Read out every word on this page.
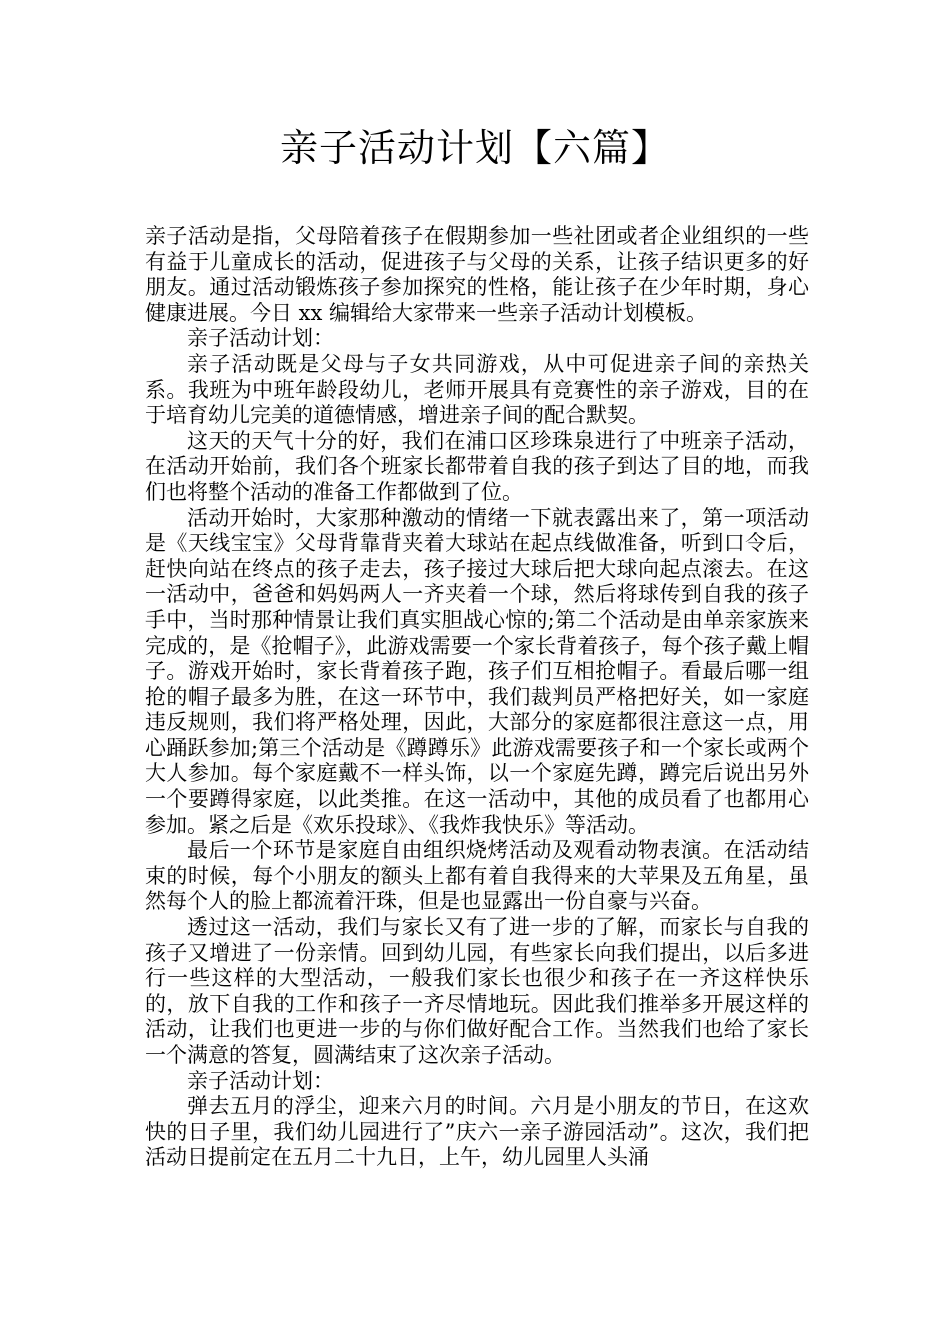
亲子活动计划【六篇】

亲子活动是指，父母陪着孩子在假期参加一些社团或者企业组织的一些有益于儿童成长的活动，促进孩子与父母的关系，让孩子结识更多的好朋友。通过活动锻炼孩子参加探究的性格，能让孩子在少年时期，身心健康进展。今日 xx 编辑给大家带来一些亲子活动计划模板。

亲子活动计划：

亲子活动既是父母与子女共同游戏，从中可促进亲子间的亲热关系。我班为中班年龄段幼儿，老师开展具有竞赛性的亲子游戏，目的在于培育幼儿完美的道德情感，增进亲子间的配合默契。

这天的天气十分的好，我们在浦口区珍珠泉进行了中班亲子活动，在活动开始前，我们各个班家长都带着自我的孩子到达了目的地，而我们也将整个活动的准备工作都做到了位。

活动开始时，大家那种激动的情绪一下就表露出来了，第一项活动是《天线宝宝》父母背靠背夹着大球站在起点线做准备，听到口令后，赶快向站在终点的孩子走去，孩子接过大球后把大球向起点滚去。在这一活动中，爸爸和妈妈两人一齐夹着一个球，然后将球传到自我的孩子手中，当时那种情景让我们真实胆战心惊的;第二个活动是由单亲家族来完成的，是《抢帽子》，此游戏需要一个家长背着孩子，每个孩子戴上帽子。游戏开始时，家长背着孩子跑，孩子们互相抢帽子。看最后哪一组抢的帽子最多为胜，在这一环节中，我们裁判员严格把好关，如一家庭违反规则，我们将严格处理，因此，大部分的家庭都很注意这一点，用心踊跃参加;第三个活动是《蹲蹲乐》此游戏需要孩子和一个家长或两个大人参加。每个家庭戴不一样头饰，以一个家庭先蹲，蹲完后说出另外一个要蹲得家庭，以此类推。在这一活动中，其他的成员看了也都用心参加。紧之后是《欢乐投球》、《我炸我快乐》等活动。

最后一个环节是家庭自由组织烧烤活动及观看动物表演。在活动结束的时候，每个小朋友的额头上都有着自我得来的大苹果及五角星，虽然每个人的脸上都流着汗珠，但是也显露出一份自豪与兴奋。

透过这一活动，我们与家长又有了进一步的了解，而家长与自我的孩子又增进了一份亲情。回到幼儿园，有些家长向我们提出，以后多进行一些这样的大型活动，一般我们家长也很少和孩子在一齐这样快乐的，放下自我的工作和孩子一齐尽情地玩。因此我们推举多开展这样的活动，让我们也更进一步的与你们做好配合工作。当然我们也给了家长一个满意的答复，圆满结束了这次亲子活动。

亲子活动计划：

弹去五月的浮尘，迎来六月的时间。六月是小朋友的节日，在这欢快的日子里，我们幼儿园进行了”庆六一亲子游园活动”。这次，我们把活动日提前定在五月二十九日，上午，幼儿园里人头涌
